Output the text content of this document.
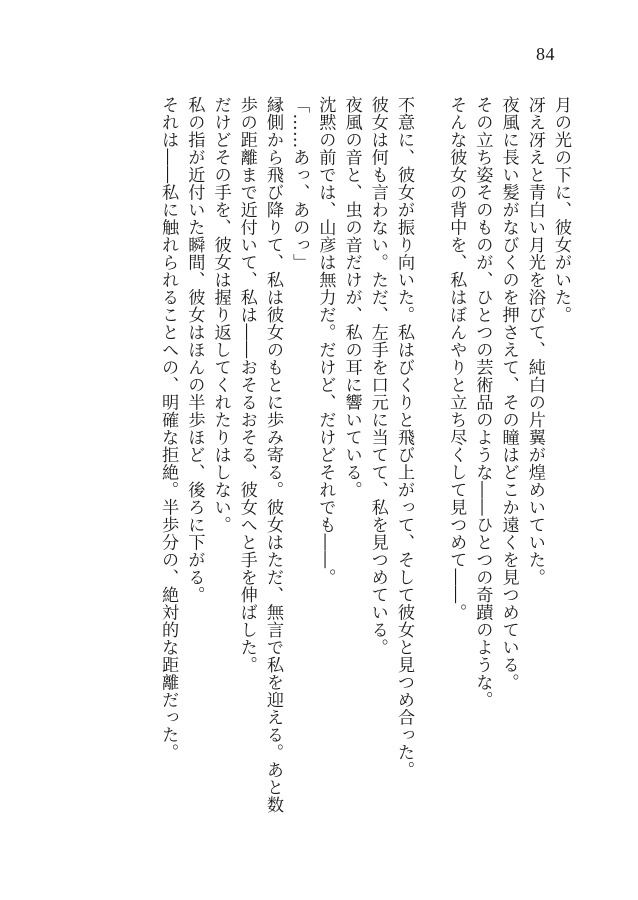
84
月の光の下に、彼女がいた。
冴え冴えと青白い月光を浴びて、純白の片翼が煌めいていた。
夜風に長い髪がなびくのを押さえて、その瞳はどこか遠くを見つめている。
その立ち姿そのものが、ひとつの芸術品のような――ひとつの奇蹟のような。
そんな彼女の背中を、私はぼんやりと立ち尽くして見つめて――。
不意に、彼女が振り向いた。私はびくりと飛び上がって、そして彼女と見つめ合った。
彼女は何も言わない。ただ、左手を口元に当てて、私を見つめている。
夜風の音と、虫の音だけが、私の耳に響いている。
沈黙の前では、山彦は無力だ。だけど、だけどそれでも――。
「……あっ、あのっ」
縁側から飛び降りて、私は彼女のもとに歩み寄る。彼女はただ、無言で私を迎える。あと数
歩の距離まで近付いて、私は――おそるおそる、彼女へと手を伸ばした。
だけどその手を、彼女は握り返してくれたりはしない。
私の指が近付いた瞬間、彼女はほんの半歩ほど、後ろに下がる。
それは――私に触れられることへの、明確な拒絶。半歩分の、絶対的な距離だった。
